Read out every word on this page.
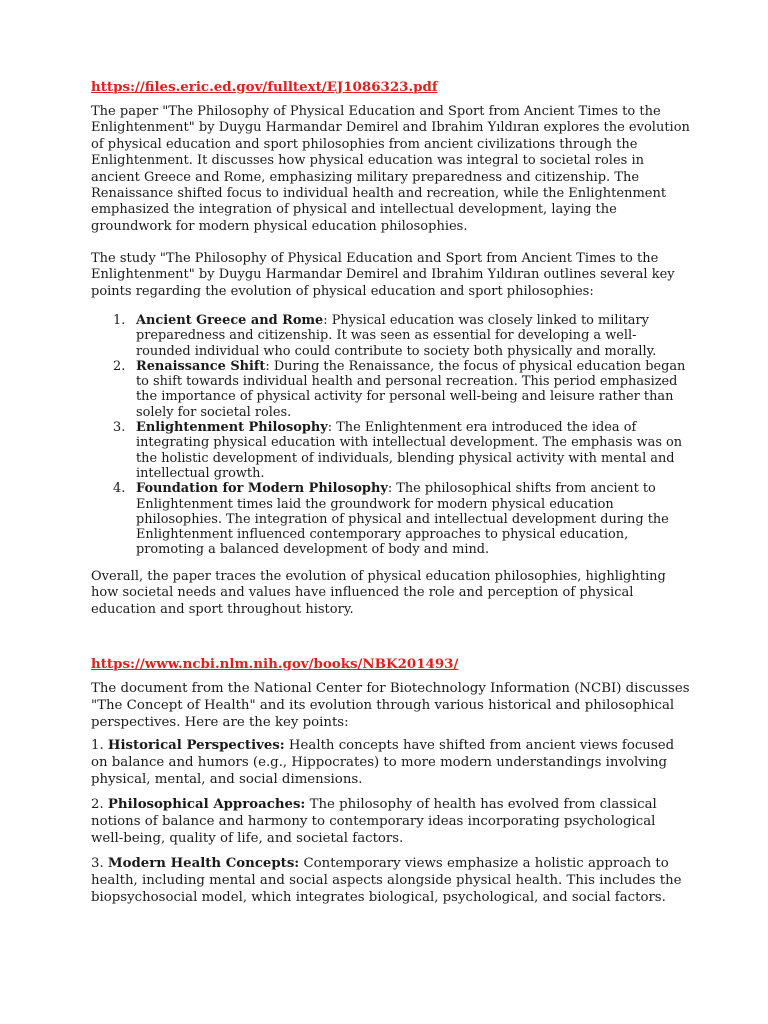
https://files.eric.ed.gov/fulltext/EJ1086323.pdf

The paper "The Philosophy of Physical Education and Sport from Ancient Times to the Enlightenment" by Duygu Harmandar Demirel and Ibrahim Yıldıran explores the evolution of physical education and sport philosophies from ancient civilizations through the Enlightenment. It discusses how physical education was integral to societal roles in ancient Greece and Rome, emphasizing military preparedness and citizenship. The Renaissance shifted focus to individual health and recreation, while the Enlightenment emphasized the integration of physical and intellectual development, laying the groundwork for modern physical education philosophies.

The study "The Philosophy of Physical Education and Sport from Ancient Times to the Enlightenment" by Duygu Harmandar Demirel and Ibrahim Yıldıran outlines several key points regarding the evolution of physical education and sport philosophies:

1. Ancient Greece and Rome: Physical education was closely linked to military preparedness and citizenship. It was seen as essential for developing a well-rounded individual who could contribute to society both physically and morally.
2. Renaissance Shift: During the Renaissance, the focus of physical education began to shift towards individual health and personal recreation. This period emphasized the importance of physical activity for personal well-being and leisure rather than solely for societal roles.
3. Enlightenment Philosophy: The Enlightenment era introduced the idea of integrating physical education with intellectual development. The emphasis was on the holistic development of individuals, blending physical activity with mental and intellectual growth.
4. Foundation for Modern Philosophy: The philosophical shifts from ancient to Enlightenment times laid the groundwork for modern physical education philosophies. The integration of physical and intellectual development during the Enlightenment influenced contemporary approaches to physical education, promoting a balanced development of body and mind.

Overall, the paper traces the evolution of physical education philosophies, highlighting how societal needs and values have influenced the role and perception of physical education and sport throughout history.

https://www.ncbi.nlm.nih.gov/books/NBK201493/

The document from the National Center for Biotechnology Information (NCBI) discusses "The Concept of Health" and its evolution through various historical and philosophical perspectives. Here are the key points:

1. Historical Perspectives: Health concepts have shifted from ancient views focused on balance and humors (e.g., Hippocrates) to more modern understandings involving physical, mental, and social dimensions.

2. Philosophical Approaches: The philosophy of health has evolved from classical notions of balance and harmony to contemporary ideas incorporating psychological well-being, quality of life, and societal factors.

3. Modern Health Concepts: Contemporary views emphasize a holistic approach to health, including mental and social aspects alongside physical health. This includes the biopsychosocial model, which integrates biological, psychological, and social factors.
